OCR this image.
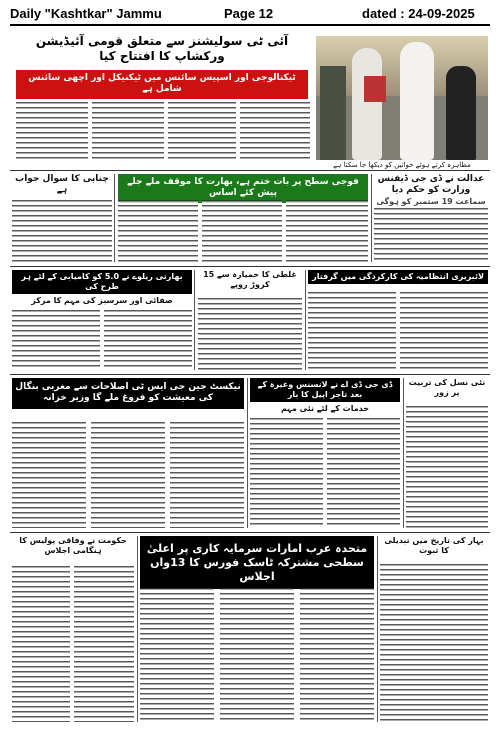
Daily "Kashtkar" Jammu	Page 12	dated : 24-09-2025
آئی ٹی سولیشنز سے متعلق قومی آئیڈیشن ورکشاپ کا افتتاح کیا
ٹیکنالوجی اور اسپیس سائنس میں ٹیکنیکل اور اچھی سائنس شامل ہے
مظاہرہ کرتے ہوئے خواتین کو دیکھا جا سکتا ہے
چنابی کا سوال جواب ہے
فوجی سطح پر بات ختم ہے، بھارت کا موقف ملے جلے پیش کئے اساس
عدالت نے ڈی جی ڈیفنس وزارت کو حکم دیا
سماعت 19 ستمبر کو ہوگی
بھارتی ریلوے نے 5.0 کو کامیابی کے لئے ہر طرح کی
صفائی اور سرسبز کی مہم کا مرکز
غلطی کا خمیازہ سے 15 کروڑ روپے
لائبریری انتظامیہ کی کارکردگی میں گرفتار
نیکسٹ جین جی ایس ٹی اصلاحات سے مغربی بنگال کی معیشت کو فروغ ملے گا وزیر خزانہ
ڈی جی ڈی اے نے لانسنس وغیرہ کے بعد تاجر اپیل کا بار
خدمات کے لئے نئی مہم
نئی نسل کی تربیت پر زور
حکومت نے وفاقی پولیس کا ہنگامی اجلاس	متحدہ عرب امارات سرمایہ کاری پر اعلیٰ سطحی مشترکہ ٹاسک فورس کا 13واں اجلاس
بہار کی تاریخ میں تبدیلی کا ثبوت
